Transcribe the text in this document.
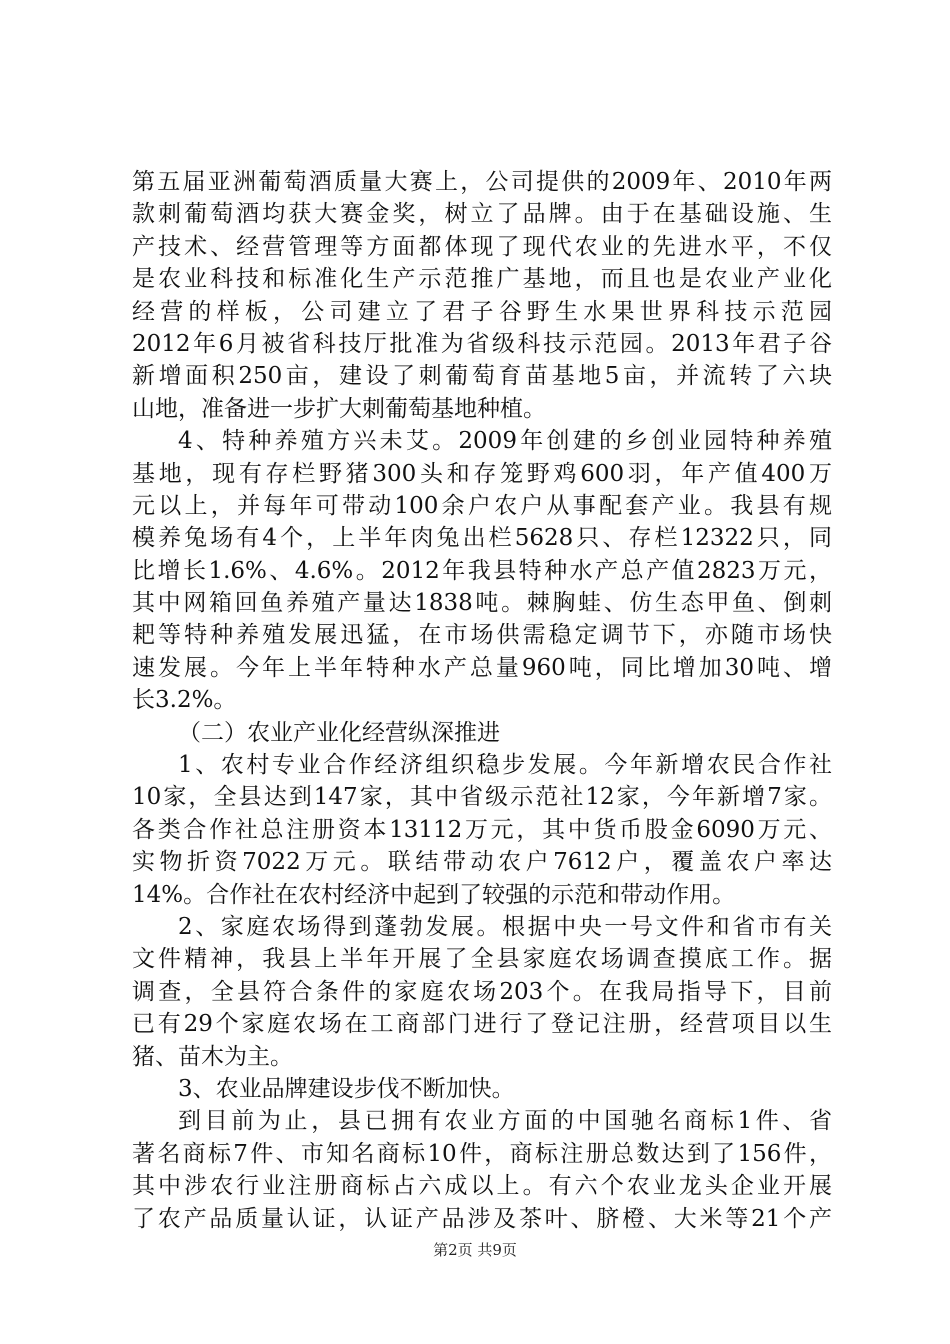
第五届亚洲葡萄酒质量大赛上，公司提供的2009年、2010年两
款刺葡萄酒均获大赛金奖，树立了品牌。由于在基础设施、生
产技术、经营管理等方面都体现了现代农业的先进水平，不仅
是农业科技和标准化生产示范推广基地，而且也是农业产业化
经营的样板，公司建立了君子谷野生水果世界科技示范园
2012年6月被省科技厅批准为省级科技示范园。2013年君子谷
新增面积250亩，建设了刺葡萄育苗基地5亩，并流转了六块
山地，准备进一步扩大刺葡萄基地种植。
4、特种养殖方兴未艾。2009年创建的乡创业园特种养殖
基地，现有存栏野猪300头和存笼野鸡600羽，年产值400万
元以上，并每年可带动100余户农户从事配套产业。我县有规
模养兔场有4个，上半年肉兔出栏5628只、存栏12322只，同
比增长1.6%、4.6%。2012年我县特种水产总产值2823万元，
其中网箱回鱼养殖产量达1838吨。棘胸蛙、仿生态甲鱼、倒刺
耙等特种养殖发展迅猛，在市场供需稳定调节下，亦随市场快
速发展。今年上半年特种水产总量960吨，同比增加30吨、增
长3.2%。
（二）农业产业化经营纵深推进
1、农村专业合作经济组织稳步发展。今年新增农民合作社
10家，全县达到147家，其中省级示范社12家，今年新增7家。
各类合作社总注册资本13112万元，其中货币股金6090万元、
实物折资7022万元。联结带动农户7612户，覆盖农户率达
14%。合作社在农村经济中起到了较强的示范和带动作用。
2、家庭农场得到蓬勃发展。根据中央一号文件和省市有关
文件精神，我县上半年开展了全县家庭农场调查摸底工作。据
调查，全县符合条件的家庭农场203个。在我局指导下，目前
已有29个家庭农场在工商部门进行了登记注册，经营项目以生
猪、苗木为主。
3、农业品牌建设步伐不断加快。
到目前为止，县已拥有农业方面的中国驰名商标1件、省
著名商标7件、市知名商标10件，商标注册总数达到了156件，
其中涉农行业注册商标占六成以上。有六个农业龙头企业开展
了农产品质量认证，认证产品涉及茶叶、脐橙、大米等21个产
第2页 共9页
